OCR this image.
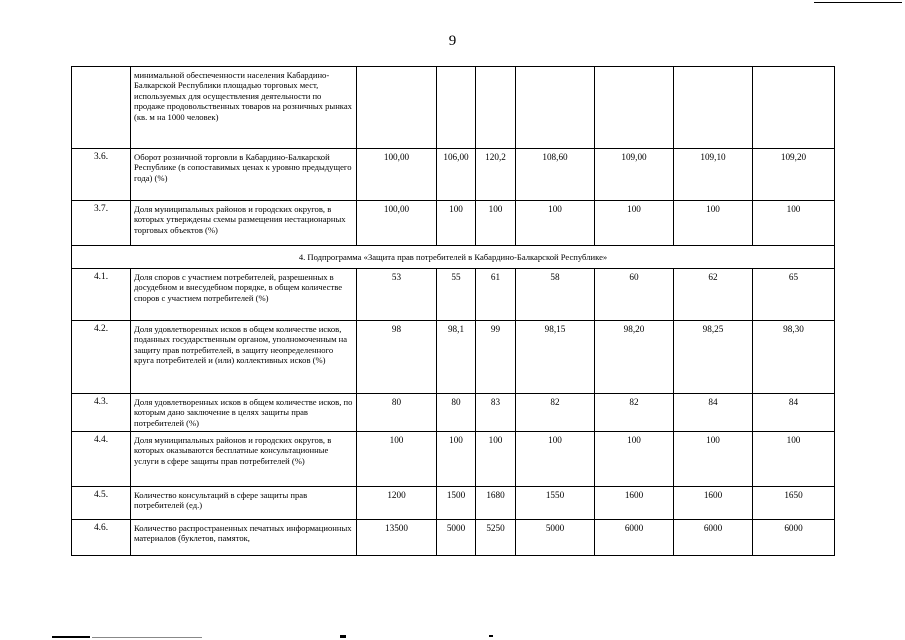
9
	минимальной обеспеченности населения Кабардино-Балкарской Республики площадью торговых мест, используемых для осуществления деятельности по продаже продовольственных товаров на розничных рынках (кв. м на 1000 человек)							
3.6.	Оборот розничной торговли в Кабардино-Балкарской Республике (в сопоставимых ценах к уровню предыдущего года) (%)	100,00	106,00	120,2	108,60	109,00	109,10	109,20
3.7.	Доля муниципальных районов и городских округов, в которых утверждены схемы размещения нестационарных торговых объектов (%)	100,00	100	100	100	100	100	100
4. Подпрограмма «Защита прав потребителей в Кабардино-Балкарской Республике»								
4.1.	Доля споров с участием потребителей, разрешенных в досудебном и внесудебном порядке, в общем количестве споров с участием потребителей (%)	53	55	61	58	60	62	65
4.2.	Доля удовлетворенных исков в общем количестве исков, поданных государственным органом, уполномоченным на защиту прав потребителей, в защиту неопределенного круга потребителей и (или) коллективных исков (%)	98	98,1	99	98,15	98,20	98,25	98,30
4.3.	Доля удовлетворенных исков в общем количестве исков, по которым дано заключение в целях защиты прав потребителей (%)	80	80	83	82	82	84	84
4.4.	Доля муниципальных районов и городских округов, в которых оказываются бесплатные консультационные услуги в сфере защиты прав потребителей (%)	100	100	100	100	100	100	100
4.5.	Количество консультаций в сфере защиты прав потребителей (ед.)	1200	1500	1680	1550	1600	1600	1650
4.6.	Количество распространенных печатных информационных материалов (буклетов, памяток,	13500	5000	5250	5000	6000	6000	6000
